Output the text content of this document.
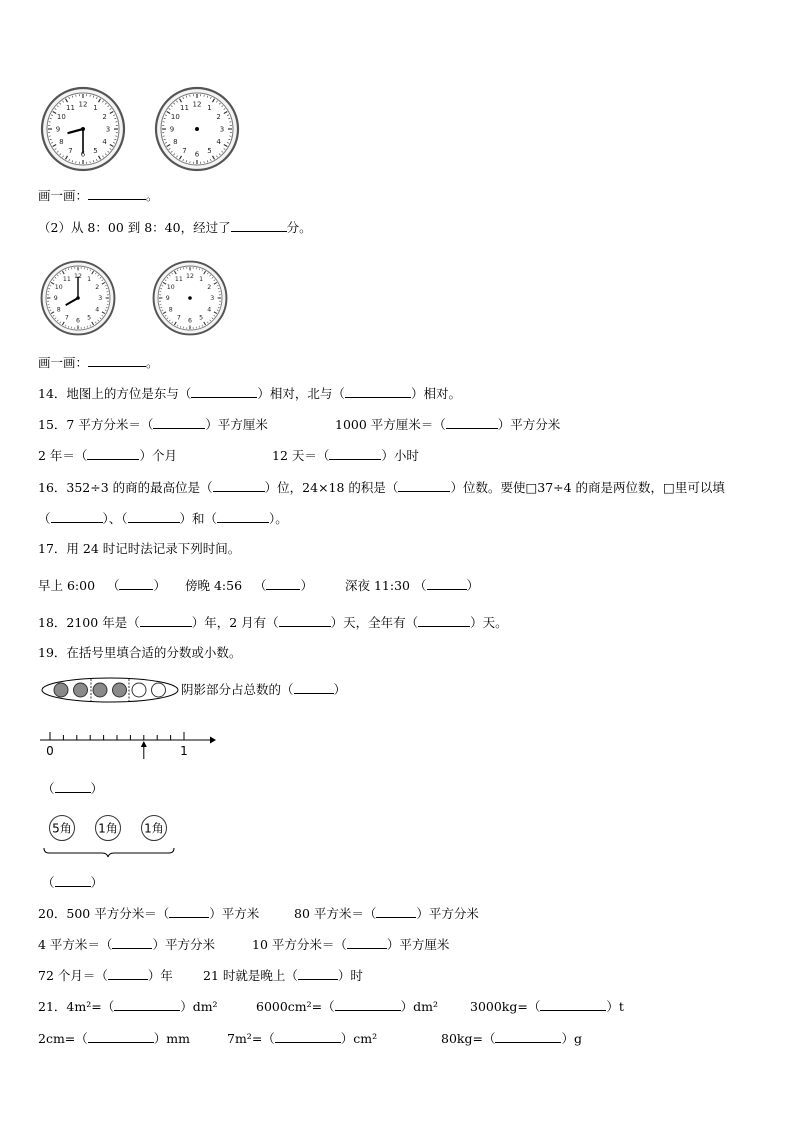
12 1
2
3
4
5
6
7
8
9
10
11	12 1
2
3
4
5
6
7
8
9
10
11
画一画：	。
（2）从 8：00 到 8：40，经过了	分。
12 1
2
3
4
5
6
7
8
9
10
11	12 1
2
3
4
5
6
7
8
9
10
11
画一画：	。
14．地图上的方位是东与（	）相对，北与（	）相对。
15．7 平方分米＝（	）平方厘米	1000 平方厘米＝（	）平方分米
2 年＝（	）个月	12 天＝（	）小时
16．352÷3 的商的最高位是（	）位，24×18 的积是（	）位数。要使□37÷4 的商是两位数，□里可以填
（	）、（	）和（	）。
17．用 24 时记时法记录下列时间。
早上 6:00 （	） 傍晚 4:56 （	）	深夜 11:30 （	）
18．2100 年是（	）年，2 月有（	）天，全年有（	）天。
19．在括号里填合适的分数或小数。
阴影部分占总数的（	）
0	1
（	）
5角 1角 1角
（	）
20．500 平方分米＝（	）平方米	80 平方米＝（	）平方分米
4 平方米＝（	）平方分米	10 平方分米＝（	）平方厘米
72 个月＝（	）年 21 时就是晚上（	）时
21．4m²=（	）dm²	6000cm²=（	）dm²	3000kg=（	）t
2cm=（	）mm	7m²=（	）cm²	80kg=（	）g
